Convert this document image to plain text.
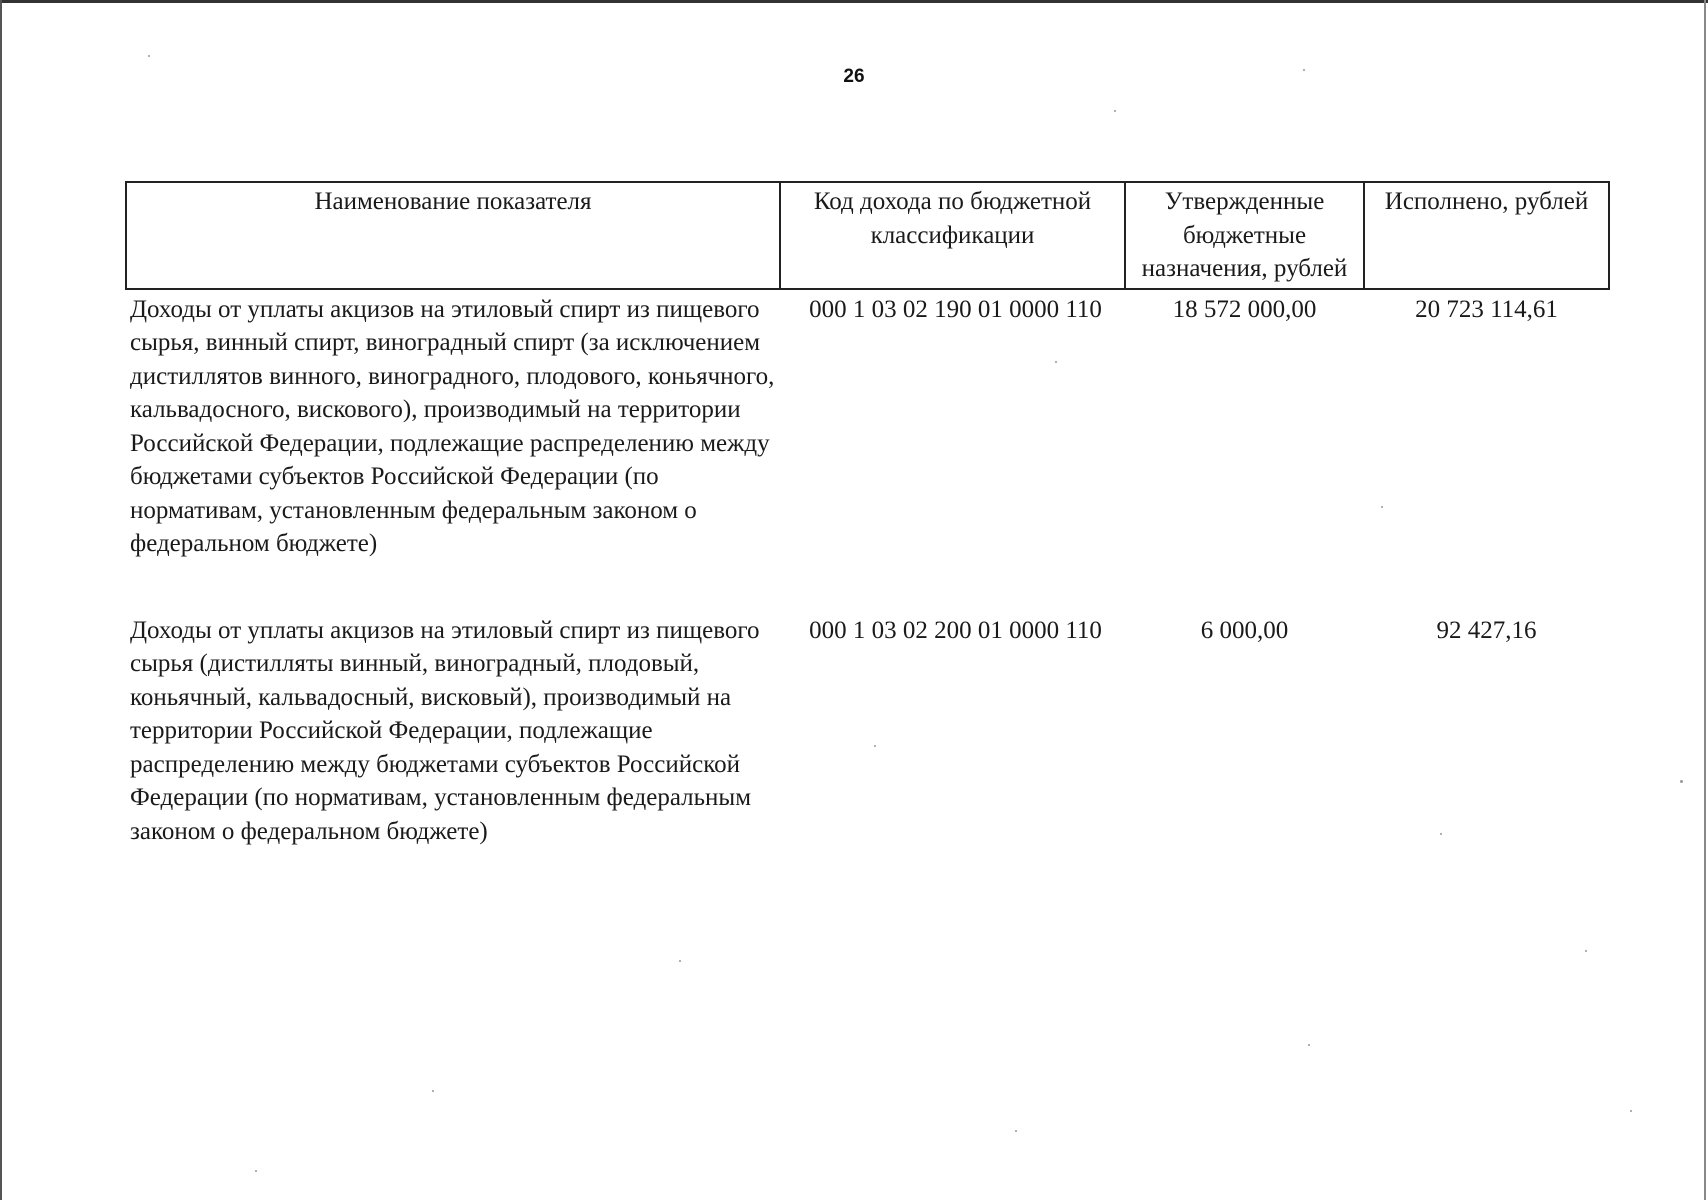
26
Наименование показателя	Код дохода по бюджетной классификации	Утвержденные бюджетные назначения, рублей	Исполнено, рублей
Доходы от уплаты акцизов на этиловый спирт из пищевого сырья, винный спирт, виноградный спирт (за исключением дистиллятов винного, виноградного, плодового, коньячного, кальвадосного, вискового), производимый на территории Российской Федерации, подлежащие распределению между бюджетами субъектов Российской Федерации (по нормативам, установленным федеральным законом о федеральном бюджете)	000 1 03 02 190 01 0000 110	18 572 000,00	20 723 114,61
Доходы от уплаты акцизов на этиловый спирт из пищевого сырья (дистилляты винный, виноградный, плодовый, коньячный, кальвадосный, висковый), производимый на территории Российской Федерации, подлежащие распределению между бюджетами субъектов Российской Федерации (по нормативам, установленным федеральным законом о федеральном бюджете)	000 1 03 02 200 01 0000 110	6 000,00	92 427,16
